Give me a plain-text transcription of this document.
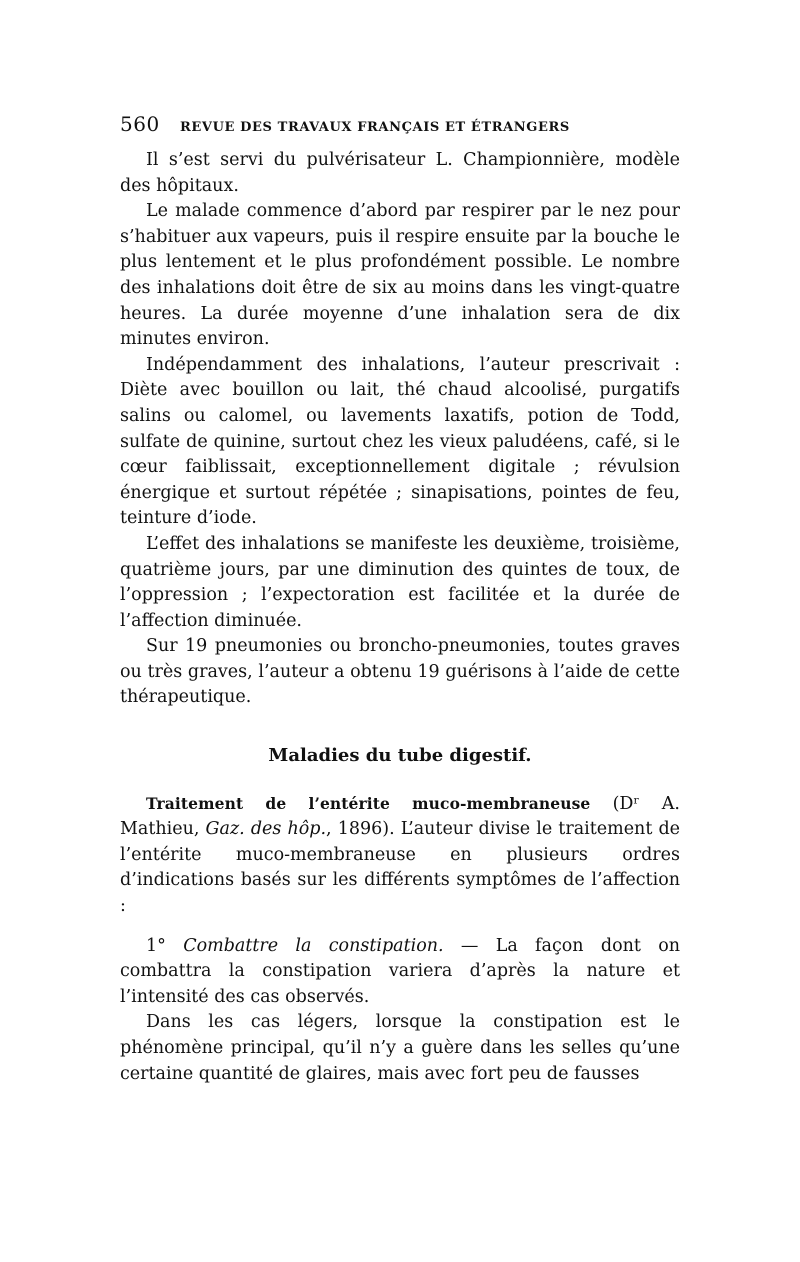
560	REVUE DES TRAVAUX FRANÇAIS ET ÉTRANGERS

Il s’est servi du pulvérisateur L. Championnière, modèle des hôpitaux.

Le malade commence d’abord par respirer par le nez pour s’habituer aux vapeurs, puis il respire ensuite par la bouche le plus lentement et le plus profondément possible. Le nombre des inhalations doit être de six au moins dans les vingt-quatre heures. La durée moyenne d’une inhalation sera de dix minutes environ.

Indépendamment des inhalations, l’auteur prescrivait : Diète avec bouillon ou lait, thé chaud alcoolisé, purgatifs salins ou calomel, ou lavements laxatifs, potion de Todd, sulfate de quinine, surtout chez les vieux paludéens, café, si le cœur faiblissait, exceptionnellement digitale ; révulsion énergique et surtout répétée ; sinapisations, pointes de feu, teinture d’iode.

L’effet des inhalations se manifeste les deuxième, troisième, quatrième jours, par une diminution des quintes de toux, de l’oppression ; l’expectoration est facilitée et la durée de l’affection diminuée.

Sur 19 pneumonies ou broncho-pneumonies, toutes graves ou très graves, l’auteur a obtenu 19 guérisons à l’aide de cette thérapeutique.

Maladies du tube digestif.

Traitement de l’entérite muco-membraneuse (Dʳ A. Mathieu, Gaz. des hôp., 1896). L’auteur divise le traitement de l’entérite muco-membraneuse en plusieurs ordres d’indications basés sur les différents symptômes de l’affection :

1° Combattre la constipation. — La façon dont on combattra la constipation variera d’après la nature et l’intensité des cas observés.

Dans les cas légers, lorsque la constipation est le phénomène principal, qu’il n’y a guère dans les selles qu’une certaine quantité de glaires, mais avec fort peu de fausses
